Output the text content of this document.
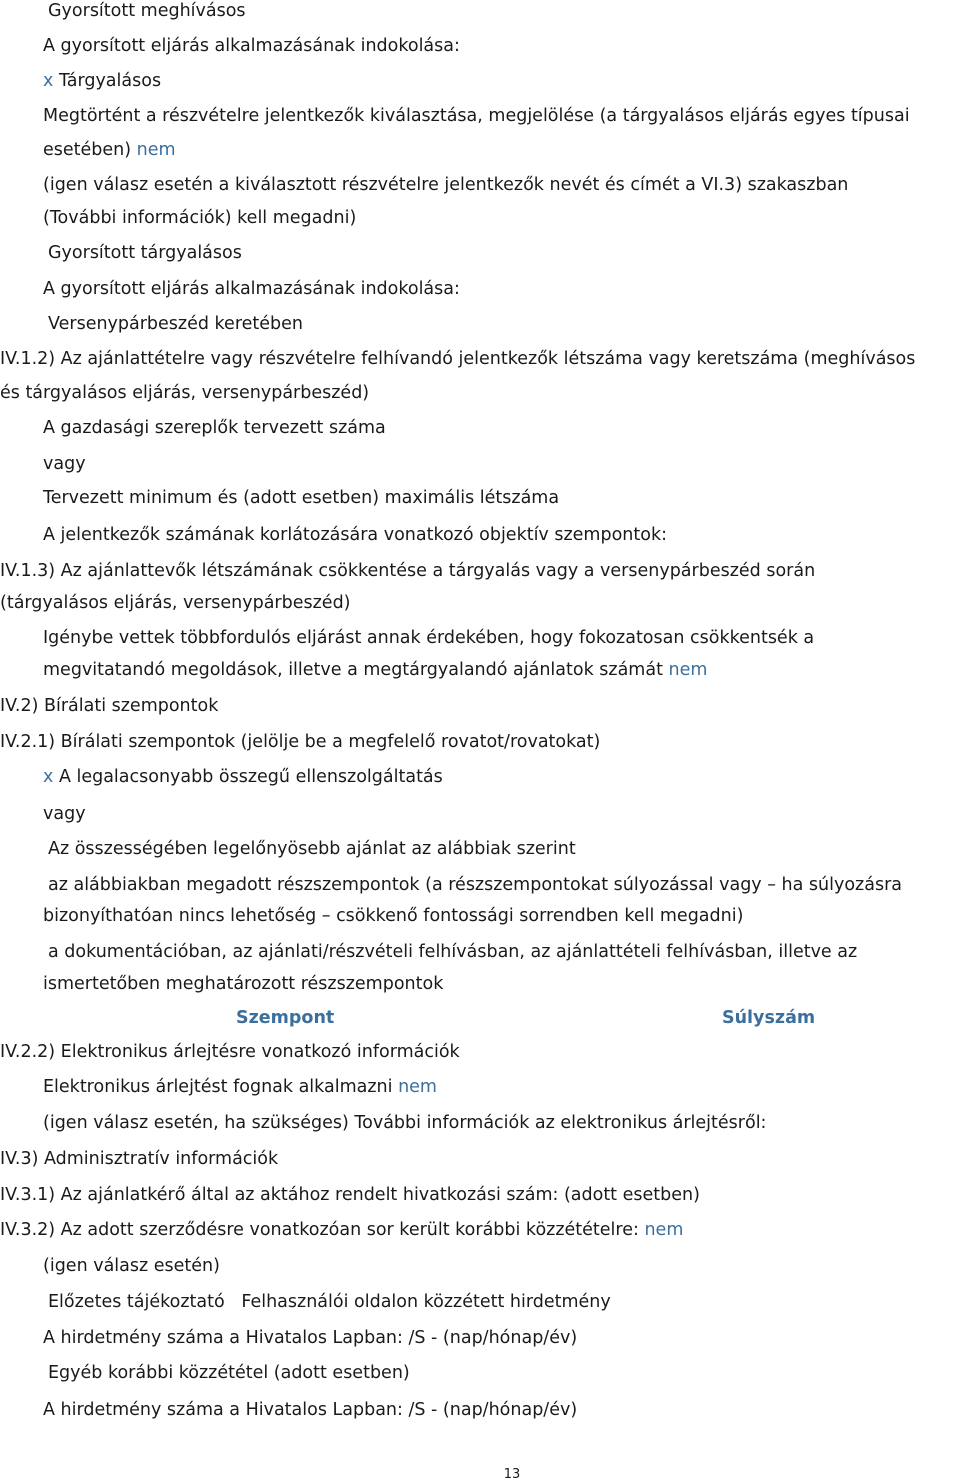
Gyorsított meghívásos
A gyorsított eljárás alkalmazásának indokolása:
x Tárgyalásos
Megtörtént a részvételre jelentkezők kiválasztása, megjelölése (a tárgyalásos eljárás egyes típusai
esetében) nem
(igen válasz esetén a kiválasztott részvételre jelentkezők nevét és címét a VI.3) szakaszban
(További információk) kell megadni)
Gyorsított tárgyalásos
A gyorsított eljárás alkalmazásának indokolása:
Versenypárbeszéd keretében
IV.1.2) Az ajánlattételre vagy részvételre felhívandó jelentkezők létszáma vagy keretszáma (meghívásos
és tárgyalásos eljárás, versenypárbeszéd)
A gazdasági szereplők tervezett száma
vagy
Tervezett minimum és (adott esetben) maximális létszáma
A jelentkezők számának korlátozására vonatkozó objektív szempontok:
IV.1.3) Az ajánlattevők létszámának csökkentése a tárgyalás vagy a versenypárbeszéd során
(tárgyalásos eljárás, versenypárbeszéd)
Igénybe vettek többfordulós eljárást annak érdekében, hogy fokozatosan csökkentsék a
megvitatandó megoldások, illetve a megtárgyalandó ajánlatok számát nem
IV.2) Bírálati szempontok
IV.2.1) Bírálati szempontok (jelölje be a megfelelő rovatot/rovatokat)
x A legalacsonyabb összegű ellenszolgáltatás
vagy
Az összességében legelőnyösebb ajánlat az alábbiak szerint
az alábbiakban megadott részszempontok (a részszempontokat súlyozással vagy – ha súlyozásra
bizonyíthatóan nincs lehetőség – csökkenő fontossági sorrendben kell megadni)
a dokumentációban, az ajánlati/részvételi felhívásban, az ajánlattételi felhívásban, illetve az
ismertetőben meghatározott részszempontok
Szempont	Súlyszám
IV.2.2) Elektronikus árlejtésre vonatkozó információk
Elektronikus árlejtést fognak alkalmazni nem
(igen válasz esetén, ha szükséges) További információk az elektronikus árlejtésről:
IV.3) Adminisztratív információk
IV.3.1) Az ajánlatkérő által az aktához rendelt hivatkozási szám: (adott esetben)
IV.3.2) Az adott szerződésre vonatkozóan sor került korábbi közzétételre: nem
(igen válasz esetén)
Előzetes tájékoztató   Felhasználói oldalon közzétett hirdetmény
A hirdetmény száma a Hivatalos Lapban: /S - (nap/hónap/év)
Egyéb korábbi közzététel (adott esetben)
A hirdetmény száma a Hivatalos Lapban: /S - (nap/hónap/év)
13
